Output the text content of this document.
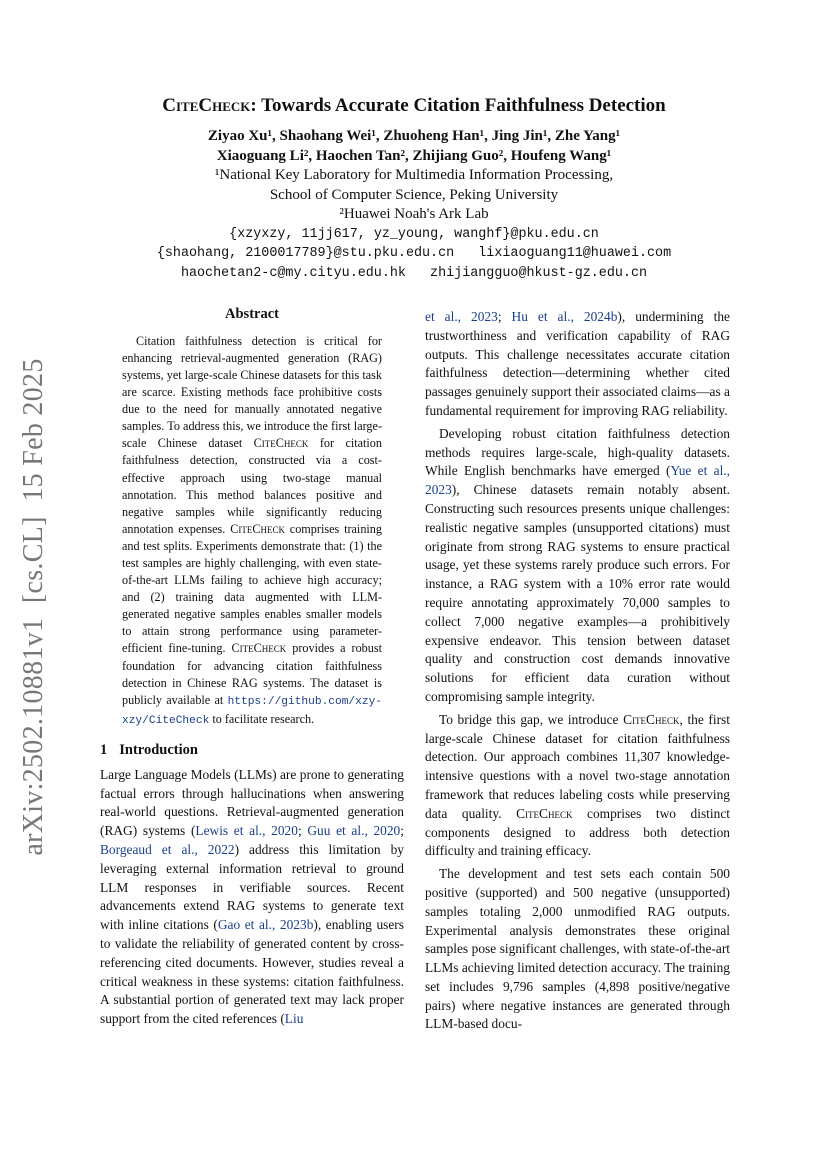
CiteCheck: Towards Accurate Citation Faithfulness Detection
Ziyao Xu¹, Shaohang Wei¹, Zhuoheng Han¹, Jing Jin¹, Zhe Yang¹
Xiaoguang Li², Haochen Tan², Zhijiang Guo², Houfeng Wang¹
¹National Key Laboratory for Multimedia Information Processing,
School of Computer Science, Peking University
²Huawei Noah's Ark Lab
{xzyxzy, 11jj617, yz_young, wanghf}@pku.edu.cn
{shaohang, 2100017789}@stu.pku.edu.cn   lixiaoguang11@huawei.com
haochetan2-c@my.cityu.edu.hk   zhijiangguo@hkust-gz.edu.cn
arXiv:2502.10881v1  [cs.CL]  15 Feb 2025
Abstract

Citation faithfulness detection is critical for enhancing retrieval-augmented generation (RAG) systems, yet large-scale Chinese datasets for this task are scarce. Existing methods face prohibitive costs due to the need for manually annotated negative samples. To address this, we introduce the first large-scale Chinese dataset CiteCheck for citation faithfulness detection, constructed via a cost-effective approach using two-stage manual annotation. This method balances positive and negative samples while significantly reducing annotation expenses. CiteCheck comprises training and test splits. Experiments demonstrate that: (1) the test samples are highly challenging, with even state-of-the-art LLMs failing to achieve high accuracy; and (2) training data augmented with LLM-generated negative samples enables smaller models to attain strong performance using parameter-efficient fine-tuning. CiteCheck provides a robust foundation for advancing citation faithfulness detection in Chinese RAG systems. The dataset is publicly available at https://github.com/xzy-xzy/CiteCheck to facilitate research.

1 Introduction

Large Language Models (LLMs) are prone to generating factual errors through hallucinations when answering real-world questions. Retrieval-augmented generation (RAG) systems (Lewis et al., 2020; Guu et al., 2020; Borgeaud et al., 2022) address this limitation by leveraging external information retrieval to ground LLM responses in verifiable sources. Recent advancements extend RAG systems to generate text with inline citations (Gao et al., 2023b), enabling users to validate the reliability of generated content by cross-referencing cited documents. However, studies reveal a critical weakness in these systems: citation faithfulness. A substantial portion of generated text may lack proper support from the cited references (Liu

et al., 2023; Hu et al., 2024b), undermining the trustworthiness and verification capability of RAG outputs. This challenge necessitates accurate citation faithfulness detection—determining whether cited passages genuinely support their associated claims—as a fundamental requirement for improving RAG reliability.

Developing robust citation faithfulness detection methods requires large-scale, high-quality datasets. While English benchmarks have emerged (Yue et al., 2023), Chinese datasets remain notably absent. Constructing such resources presents unique challenges: realistic negative samples (unsupported citations) must originate from strong RAG systems to ensure practical usage, yet these systems rarely produce such errors. For instance, a RAG system with a 10% error rate would require annotating approximately 70,000 samples to collect 7,000 negative examples—a prohibitively expensive endeavor. This tension between dataset quality and construction cost demands innovative solutions for efficient data curation without compromising sample integrity.

To bridge this gap, we introduce CiteCheck, the first large-scale Chinese dataset for citation faithfulness detection. Our approach combines 11,307 knowledge-intensive questions with a novel two-stage annotation framework that reduces labeling costs while preserving data quality. CiteCheck comprises two distinct components designed to address both detection difficulty and training efficacy.

The development and test sets each contain 500 positive (supported) and 500 negative (unsupported) samples totaling 2,000 unmodified RAG outputs. Experimental analysis demonstrates these original samples pose significant challenges, with state-of-the-art LLMs achieving limited detection accuracy. The training set includes 9,796 samples (4,898 positive/negative pairs) where negative instances are generated through LLM-based docu-
